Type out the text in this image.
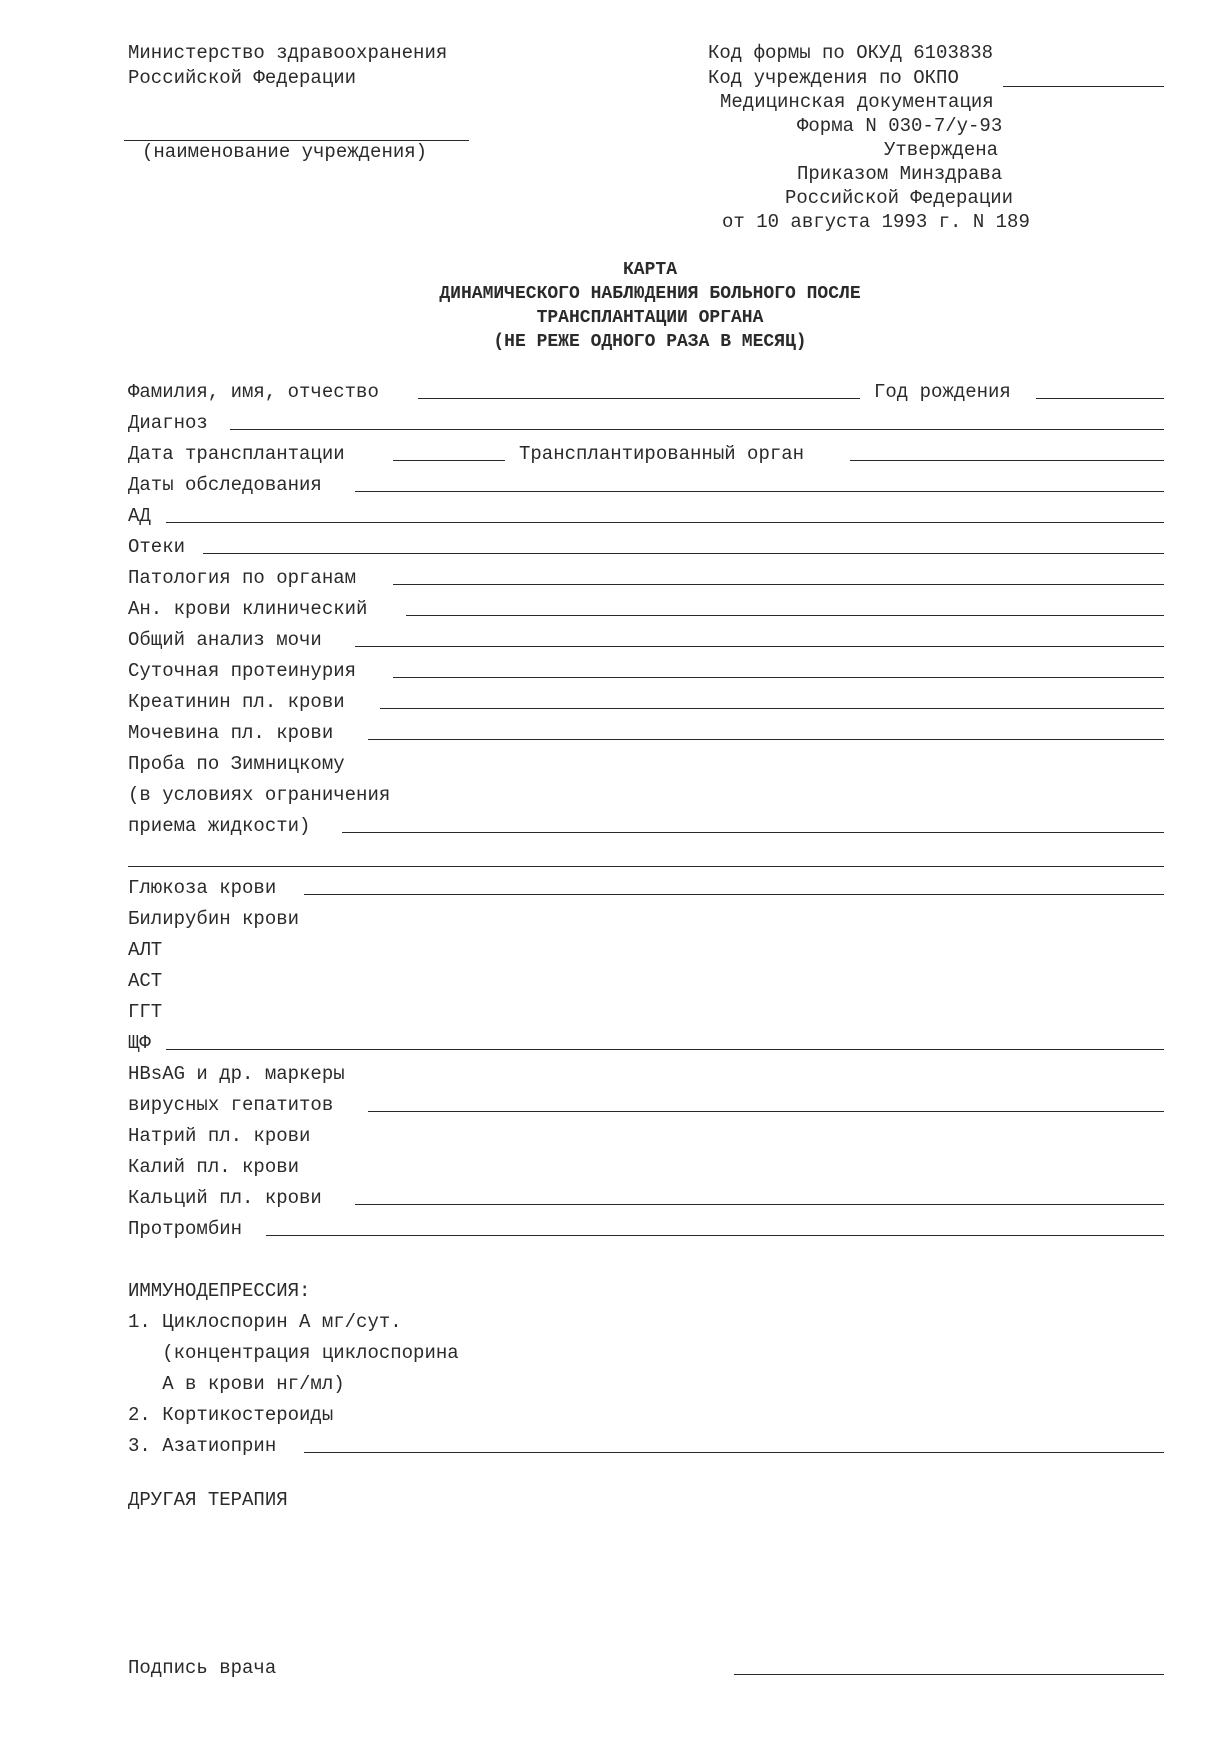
Министерство здравоохранения
Российской Федерации
(наименование учреждения)
Код формы по ОКУД 6103838
Код учреждения по ОКПО
Медицинская документация
Форма N 030-7/у-93
Утверждена
Приказом Минздрава
Российской Федерации
от 10 августа 1993 г. N 189
КАРТА
ДИНАМИЧЕСКОГО НАБЛЮДЕНИЯ БОЛЬНОГО ПОСЛЕ
ТРАНСПЛАНТАЦИИ ОРГАНА
(НЕ РЕЖЕ ОДНОГО РАЗА В МЕСЯЦ)
Фамилия, имя, отчество	Год рождения
Диагноз
Дата трансплантации	Трансплантированный орган
Даты обследования
АД
Отеки
Патология по органам
Ан. крови клинический
Общий анализ мочи
Суточная протеинурия
Креатинин пл. крови
Мочевина пл. крови
Проба по Зимницкому
(в условиях ограничения
приема жидкости)
Глюкоза крови
Билирубин крови
АЛТ
АСТ
ГГТ
ЩФ
HBsAG и др. маркеры
вирусных гепатитов
Натрий пл. крови
Калий пл. крови
Кальций пл. крови
Протромбин
ИММУНОДЕПРЕССИЯ:
1. Циклоспорин А мг/сут.
(концентрация циклоспорина
А в крови нг/мл)
2. Кортикостероиды
3. Азатиоприн
ДРУГАЯ ТЕРАПИЯ
Подпись врача
